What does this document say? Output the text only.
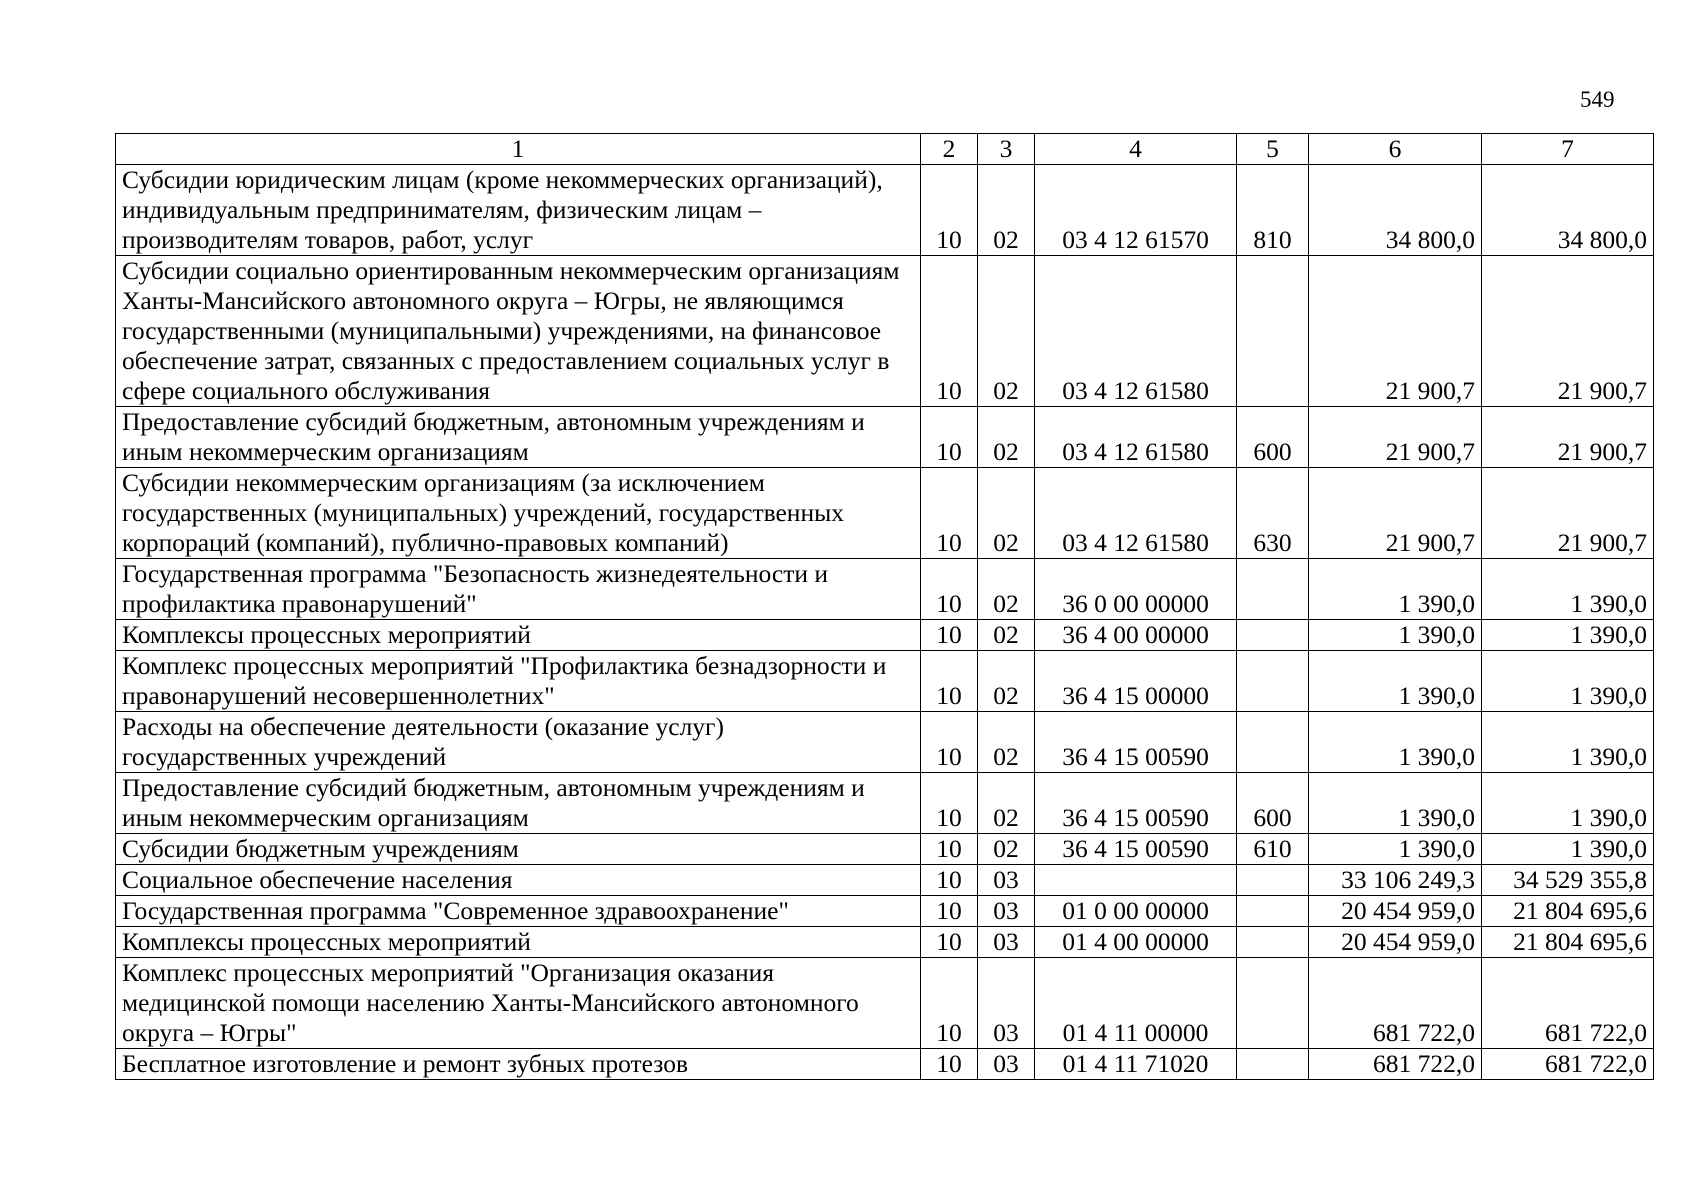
549
1	2	3	4	5	6	7
Субсидии юридическим лицам (кроме некоммерческих организаций), индивидуальным предпринимателям, физическим лицам – производителям товаров, работ, услуг	10	02	03 4 12 61570	810	34 800,0	34 800,0
Субсидии социально ориентированным некоммерческим организациям Ханты-Мансийского автономного округа – Югры, не являющимся государственными (муниципальными) учреждениями, на финансовое обеспечение затрат, связанных с предоставлением социальных услуг в сфере социального обслуживания	10	02	03 4 12 61580		21 900,7	21 900,7
Предоставление субсидий бюджетным, автономным учреждениям и иным некоммерческим организациям	10	02	03 4 12 61580	600	21 900,7	21 900,7
Субсидии некоммерческим организациям (за исключением государственных (муниципальных) учреждений, государственных корпораций (компаний), публично-правовых компаний)	10	02	03 4 12 61580	630	21 900,7	21 900,7
Государственная программа "Безопасность жизнедеятельности и профилактика правонарушений"	10	02	36 0 00 00000		1 390,0	1 390,0
Комплексы процессных мероприятий	10	02	36 4 00 00000		1 390,0	1 390,0
Комплекс процессных мероприятий "Профилактика безнадзорности и правонарушений несовершеннолетних"	10	02	36 4 15 00000		1 390,0	1 390,0
Расходы на обеспечение деятельности (оказание услуг) государственных учреждений	10	02	36 4 15 00590		1 390,0	1 390,0
Предоставление субсидий бюджетным, автономным учреждениям и иным некоммерческим организациям	10	02	36 4 15 00590	600	1 390,0	1 390,0
Субсидии бюджетным учреждениям	10	02	36 4 15 00590	610	1 390,0	1 390,0
Социальное обеспечение населения	10	03			33 106 249,3	34 529 355,8
Государственная программа "Современное здравоохранение"	10	03	01 0 00 00000		20 454 959,0	21 804 695,6
Комплексы процессных мероприятий	10	03	01 4 00 00000		20 454 959,0	21 804 695,6
Комплекс процессных мероприятий "Организация оказания медицинской помощи населению Ханты-Мансийского автономного округа – Югры"	10	03	01 4 11 00000		681 722,0	681 722,0
Бесплатное изготовление и ремонт зубных протезов	10	03	01 4 11 71020		681 722,0	681 722,0
